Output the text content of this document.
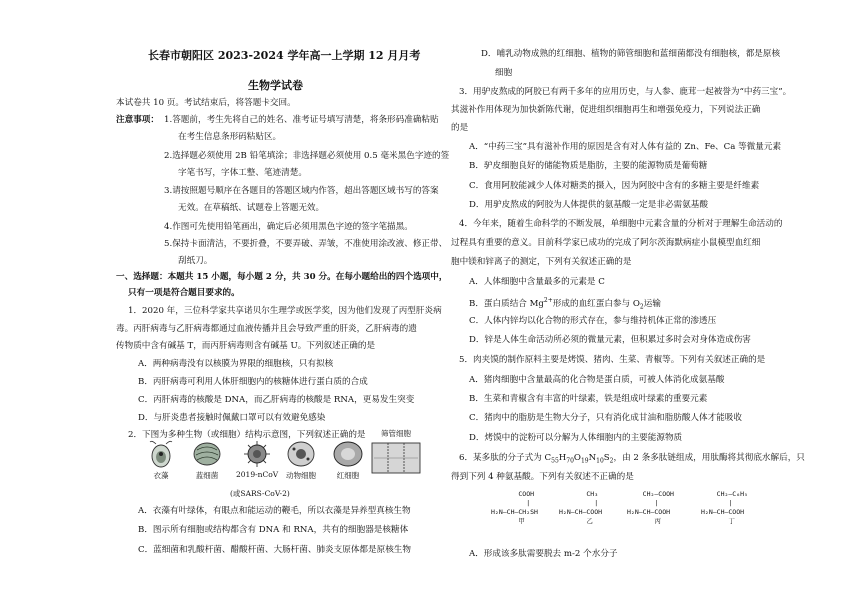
长春市朝阳区 2023-2024 学年高一上学期 12 月月考
生物学试卷
本试卷共 10 页。考试结束后，将答题卡交回。
注意事项： 1.答题前，考生先将自己的姓名、准考证号填写清楚，将条形码准确粘贴
在考生信息条形码粘贴区。
2.选择题必须使用 2B 铅笔填涂；非选择题必须使用 0.5 毫米黑色字迹的签
字笔书写，字体工整、笔迹清楚。
3.请按照题号顺序在各题目的答题区域内作答，超出答题区域书写的答案
无效。在草稿纸、试题卷上答题无效。
4.作图可先使用铅笔画出，确定后必须用黑色字迹的签字笔描黑。
5.保持卡面清洁，不要折叠，不要弄破、弄皱，不准使用涂改液、修正带、
刮纸刀。
一、选择题：本题共 15 小题，每小题 2 分，共 30 分。在每小题给出的四个选项中，
只有一项是符合题目要求的。
1．2020 年，三位科学家共享诺贝尔生理学或医学奖，因为他们发现了丙型肝炎病
毒。丙肝病毒与乙肝病毒都通过血液传播并且会导致严重的肝炎，乙肝病毒的遗
传物质中含有碱基 T，而丙肝病毒则含有碱基 U。下列叙述正确的是
A．两种病毒没有以核膜为界限的细胞核，只有拟核
B．丙肝病毒可利用人体肝细胞内的核糖体进行蛋白质的合成
C．丙肝病毒的核酸是 DNA，而乙肝病毒的核酸是 RNA，更易发生突变
D．与肝炎患者接触时佩戴口罩可以有效避免感染
2．下图为多种生物（或细胞）结构示意图，下列叙述正确的是
A．衣藻有叶绿体，有眼点和能运动的鞭毛，所以衣藻是异养型真核生物
B．图示所有细胞或结构都含有 DNA 和 RNA，共有的细胞器是核糖体
C．蓝细菌和乳酸杆菌、醋酸杆菌、大肠杆菌、肺炎支原体都是原核生物
衣藻	蓝细菌 2019-nCoV 动物细胞	红细胞
筛管细胞
(或SARS-CoV-2)
D．哺乳动物成熟的红细胞、植物的筛管细胞和蓝细菌都没有细胞核，都是原核
细胞
3．用驴皮熬成的阿胶已有两千多年的应用历史，与人参、鹿茸一起被誉为“中药三宝”。
其滋补作用体现为加快新陈代谢，促进组织细胞再生和增强免疫力，下列说法正确
的是
A．“中药三宝”具有滋补作用的原因是含有对人体有益的 Zn、Fe、Ca 等微量元素
B．驴皮细胞良好的储能物质是脂肪，主要的能源物质是葡萄糖
C．食用阿胶能减少人体对糖类的摄入，因为阿胶中含有的多糖主要是纤维素
D．用驴皮熬成的阿胶为人体提供的氨基酸一定是非必需氨基酸
4．今年来，随着生命科学的不断发展，单细胞中元素含量的分析对于理解生命活动的
过程具有重要的意义。目前科学家已成功的完成了阿尔茨海默病症小鼠模型血红细
胞中镁和锌离子的测定，下列有关叙述正确的是
A．人体细胞中含量最多的元素是 C
B．蛋白质结合 $Mg^{2+}$形成的血红蛋白参与 $O_2$运输
C．人体内锌均以化合物的形式存在，参与维持机体正常的渗透压
D．锌是人体生命活动所必须的微量元素，但积累过多时会对身体造成伤害
5．肉夹馍的制作原料主要是烤馍、猪肉、生菜、青椒等。下列有关叙述正确的是
A．猪肉细胞中含量最高的化合物是蛋白质，可被人体消化成氨基酸
B．生菜和青椒含有丰富的叶绿素，铁是组成叶绿素的重要元素
C．猪肉中的脂肪是生物大分子，只有消化成甘油和脂肪酸人体才能吸收
D．烤馍中的淀粉可以分解为人体细胞内的主要能源物质
6．某多肽的分子式为 $C_{55}H_{70}O_{19}N_{10}S_2$，由 2 条多肽链组成，用肽酶将其彻底水解后，只
得到下列 4 种氨基酸。下列有关叙述不正确的是
COOH
|
H₂N—CH—CH₂SH
甲
CH₃
|
H₂N—CH—COOH
乙
CH₂—COOH
|
H₂N—CH—COOH
丙
CH₂—C₆H₅
|
H₂N—CH—COOH
丁
A．形成该多肽需要脱去 m-2 个水分子
